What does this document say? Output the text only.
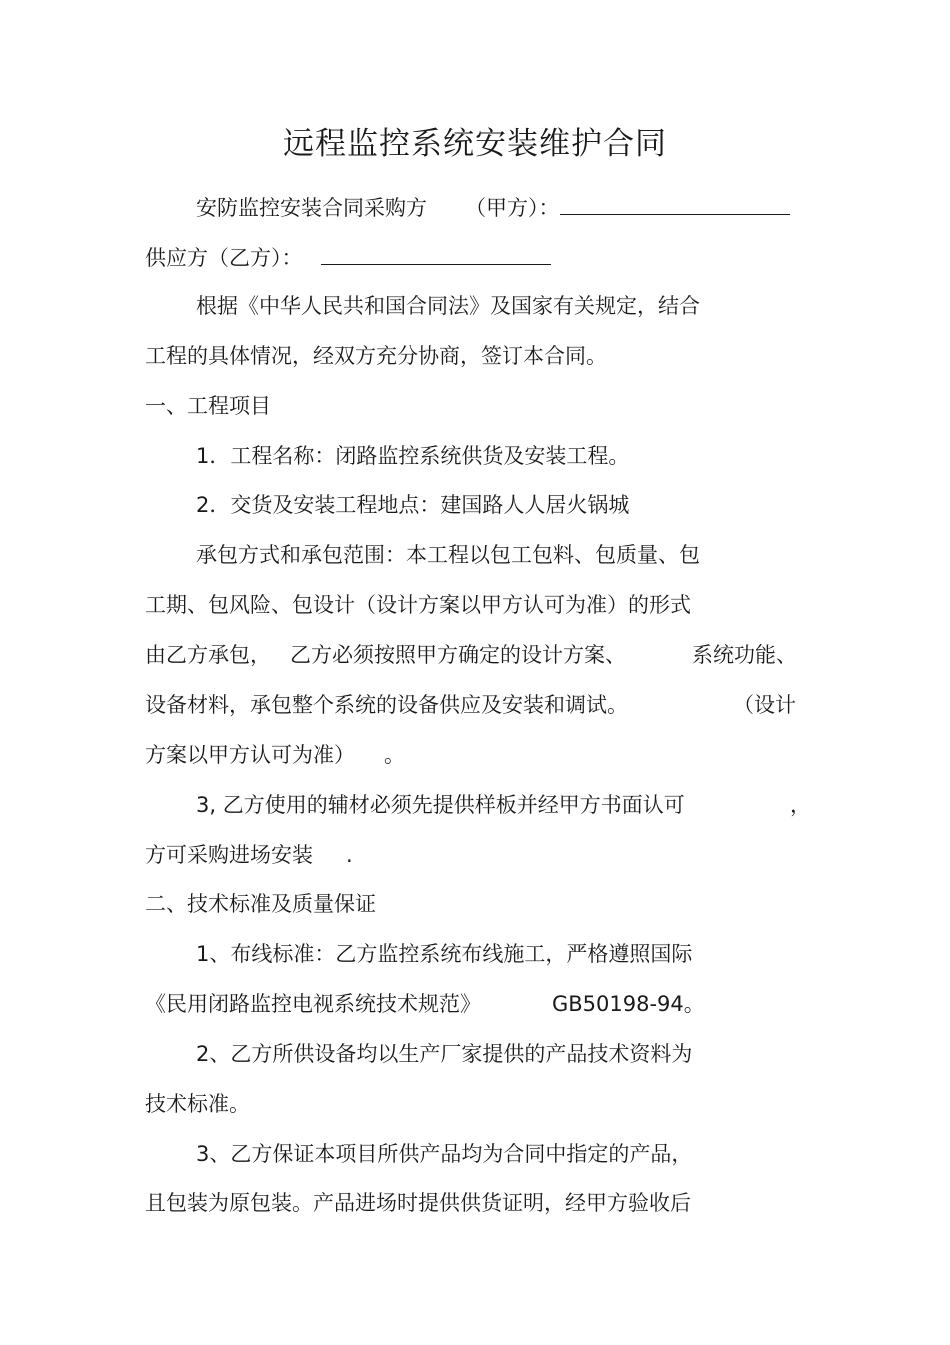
远程监控系统安装维护合同
安防监控安装合同采购方 （甲方）：
供应方（乙方）：
根据《中华人民共和国合同法》及国家有关规定，结合
工程的具体情况，经双方充分协商，签订本合同。
一、工程项目
1．工程名称：闭路监控系统供货及安装工程。
2．交货及安装工程地点：建国路人人居火锅城
承包方式和承包范围：本工程以包工包料、包质量、包
工期、包风险、包设计（设计方案以甲方认可为准）的形式
由乙方承包， 乙方必须按照甲方确定的设计方案、	系统功能、
设备材料，承包整个系统的设备供应及安装和调试。	（设计
方案以甲方认可为准） 。
3, 乙方使用的辅材必须先提供样板并经甲方书面认可	，
方可采购进场安装 .
二、技术标准及质量保证
1、布线标准：乙方监控系统布线施工，严格遵照国际
《民用闭路监控电视系统技术规范》	GB50198-94。
2、乙方所供设备均以生产厂家提供的产品技术资料为
技术标准。
3、乙方保证本项目所供产品均为合同中指定的产品，
且包装为原包装。产品进场时提供供货证明，经甲方验收后
